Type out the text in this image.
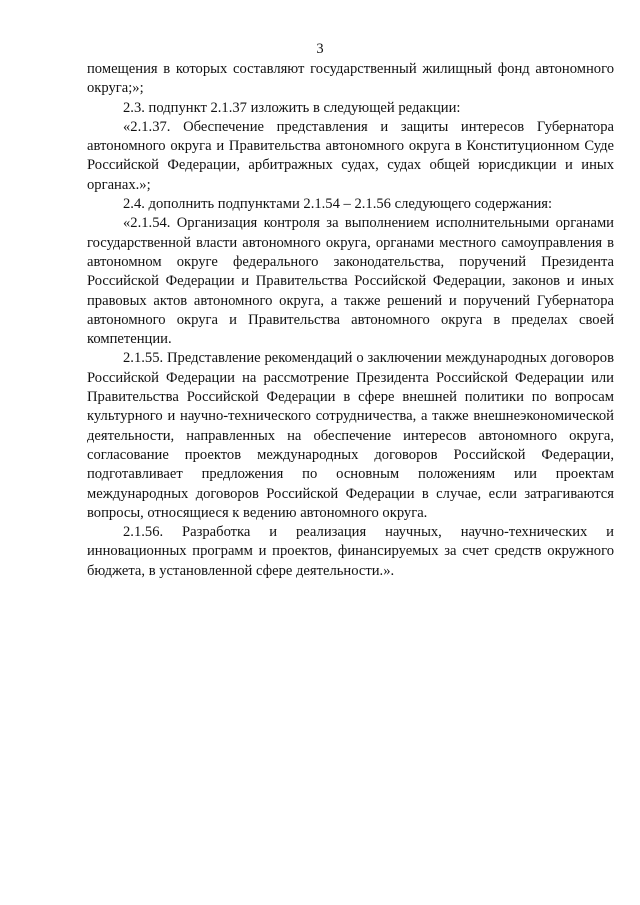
3

помещения в которых составляют государственный жилищный фонд автономного округа;»;

2.3. подпункт 2.1.37 изложить в следующей редакции:

«2.1.37. Обеспечение представления и защиты интересов Губернатора автономного округа и Правительства автономного округа в Конституционном Суде Российской Федерации, арбитражных судах, судах общей юрисдикции и иных органах.»;

2.4. дополнить подпунктами 2.1.54 – 2.1.56 следующего содержания:

«2.1.54. Организация контроля за выполнением исполнительными органами государственной власти автономного округа, органами местного самоуправления в автономном округе федерального законодательства, поручений Президента Российской Федерации и Правительства Российской Федерации, законов и иных правовых актов автономного округа, а также решений и поручений Губернатора автономного округа и Правительства автономного округа в пределах своей компетенции.

2.1.55. Представление рекомендаций о заключении международных договоров Российской Федерации на рассмотрение Президента Российской Федерации или Правительства Российской Федерации в сфере внешней политики по вопросам культурного и научно-технического сотрудничества, а также внешнеэкономической деятельности, направленных на обеспечение интересов автономного округа, согласование проектов международных договоров Российской Федерации, подготавливает предложения по основным положениям или проектам международных договоров Российской Федерации в случае, если затрагиваются вопросы, относящиеся к ведению автономного округа.

2.1.56. Разработка и реализация научных, научно-технических и инновационных программ и проектов, финансируемых за счет средств окружного бюджета, в установленной сфере деятельности.».
